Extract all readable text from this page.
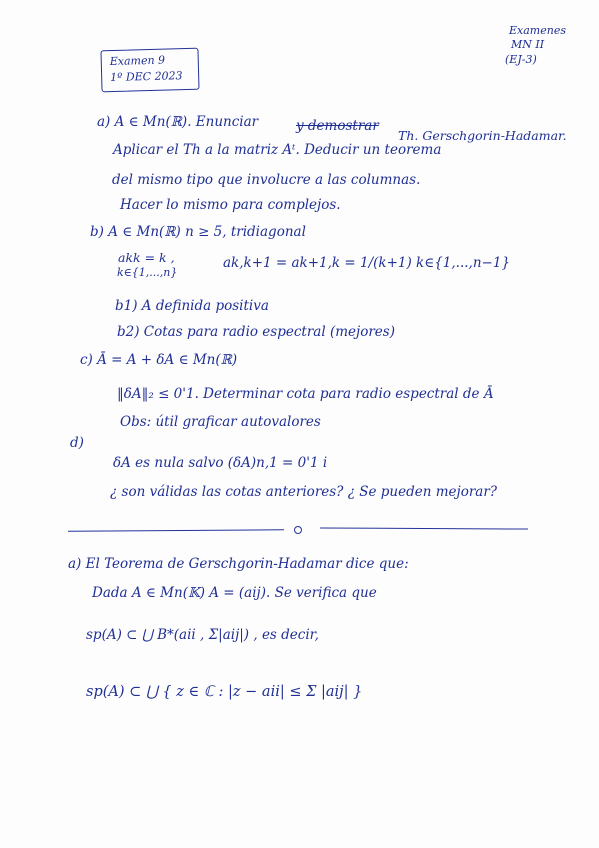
Examenes
MN II
(EJ-3)
Examen 9
1º DEC 2023
a) A ∈ Mn(ℝ). Enunciar	y demostrar
Th. Gerschgorin-Hadamar.
Aplicar el Th a la matriz Aᵗ. Deducir un teorema
del mismo tipo que involucre a las columnas.
Hacer lo mismo para complejos.
b) A ∈ Mn(ℝ) n ≥ 5, tridiagonal
akk = k ,
k∈{1,...,n}
ak,k+1 = ak+1,k = 1/(k+1) k∈{1,...,n−1}
b1) A definida positiva
b2) Cotas para radio espectral (mejores)
c) Ā = A + δA ∈ Mn(ℝ)
‖δA‖₂ ≤ 0'1. Determinar cota para radio espectral de Ā
Obs: útil graficar autovalores
d)
δA es nula salvo (δA)n,1 = 0'1 i
¿ son válidas las cotas anteriores? ¿ Se pueden mejorar?
a) El Teorema de Gerschgorin-Hadamar dice que:
Dada A ∈ Mn(𝕂) A = (aij). Se verifica que
sp(A) ⊂ ⋃ B*(aii , Σ|aij|) , es decir,
sp(A) ⊂ ⋃ { z ∈ ℂ : |z − aii| ≤ Σ |aij| }
